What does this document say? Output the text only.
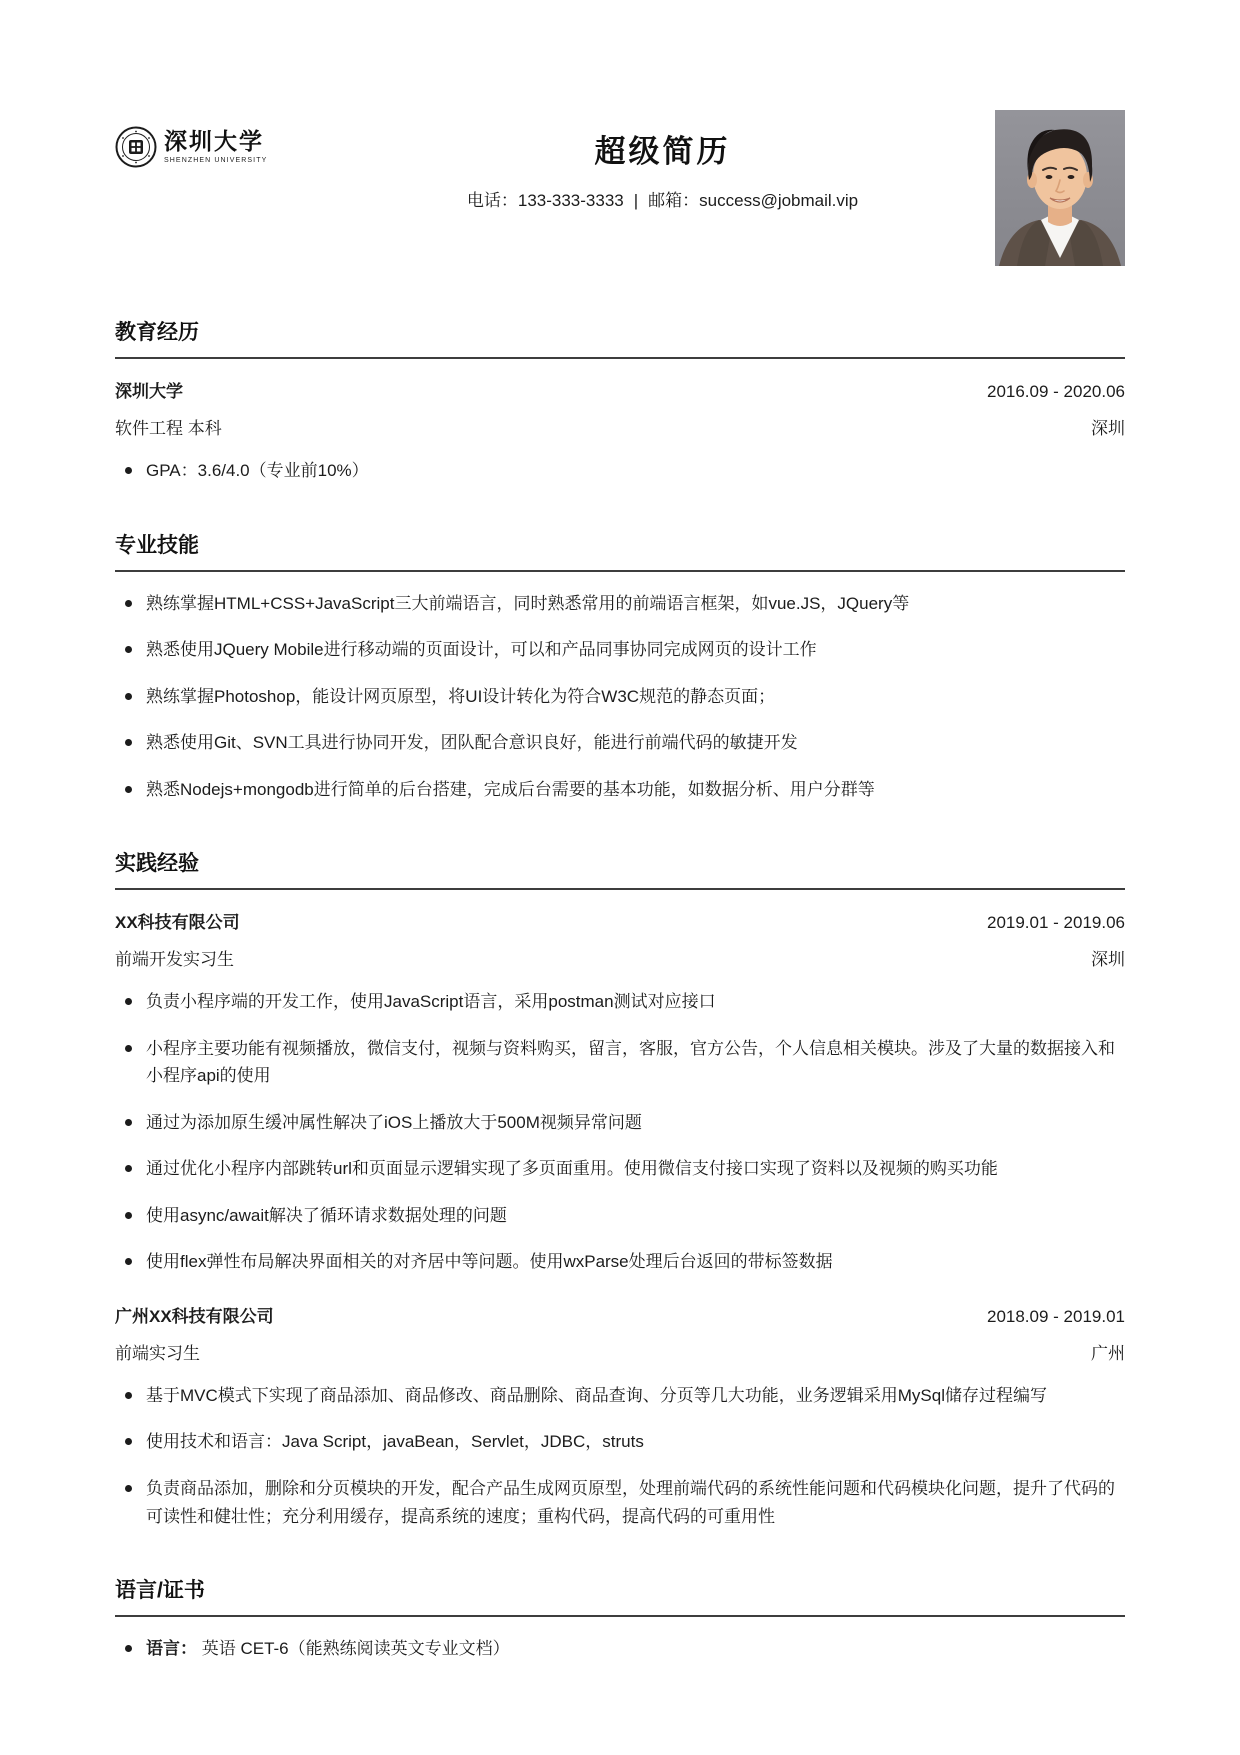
深圳大学
SHENZHEN UNIVERSITY	超级简历
电话：133-333-3333 | 邮箱：success@jobmail.vip
教育经历
深圳大学	2016.09 - 2020.06
软件工程 本科	深圳
GPA：3.6/4.0（专业前10%）
专业技能
熟练掌握HTML+CSS+JavaScript三大前端语言，同时熟悉常用的前端语言框架，如vue.JS，JQuery等
熟悉使用JQuery Mobile进行移动端的页面设计，可以和产品同事协同完成网页的设计工作
熟练掌握Photoshop，能设计网页原型，将UI设计转化为符合W3C规范的静态页面；
熟悉使用Git、SVN工具进行协同开发，团队配合意识良好，能进行前端代码的敏捷开发
熟悉Nodejs+mongodb进行简单的后台搭建，完成后台需要的基本功能，如数据分析、用户分群等
实践经验
XX科技有限公司	2019.01 - 2019.06
前端开发实习生	深圳
负责小程序端的开发工作，使用JavaScript语言，采用postman测试对应接口
小程序主要功能有视频播放，微信支付，视频与资料购买，留言，客服，官方公告，个人信息相关模块。涉及了大量的数据接入和小程序api的使用
通过为添加原生缓冲属性解决了iOS上播放大于500M视频异常问题
通过优化小程序内部跳转url和页面显示逻辑实现了多页面重用。使用微信支付接口实现了资料以及视频的购买功能
使用async/await解决了循环请求数据处理的问题
使用flex弹性布局解决界面相关的对齐居中等问题。使用wxParse处理后台返回的带标签数据
广州XX科技有限公司	2018.09 - 2019.01
前端实习生	广州
基于MVC模式下实现了商品添加、商品修改、商品删除、商品查询、分页等几大功能，业务逻辑采用MySql储存过程编写
使用技术和语言：Java Script，javaBean，Servlet，JDBC，struts
负责商品添加，删除和分页模块的开发，配合产品生成网页原型，处理前端代码的系统性能问题和代码模块化问题，提升了代码的可读性和健壮性；充分利用缓存，提高系统的速度；重构代码，提高代码的可重用性
语言/证书
语言： 英语 CET-6（能熟练阅读英文专业文档）
